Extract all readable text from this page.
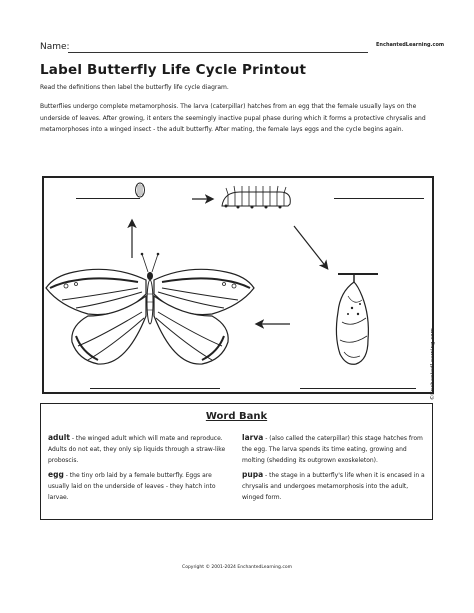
Name:	EnchantedLearning.com
Label Butterfly Life Cycle Printout
Read the definitions then label the butterfly life cycle diagram.
Butterflies undergo complete metamorphosis. The larva (caterpillar) hatches from an egg that the female usually lays on the underside of leaves. After growing, it enters the seemingly inactive pupal phase during which it forms a protective chrysalis and metamorphoses into a winged insect - the adult butterfly. After mating, the female lays eggs and the cycle begins again.
©EnchantedLearning.com
Word Bank
adult - the winged adult which will mate and reproduce. Adults do not eat, they only sip liquids through a straw-like proboscis.
egg - the tiny orb laid by a female butterfly. Eggs are usually laid on the underside of leaves - they hatch into larvae.
larva - (also called the caterpillar) this stage hatches from the egg. The larva spends its time eating, growing and molting (shedding its outgrown exoskeleton).
pupa - the stage in a butterfly's life when it is encased in a chrysalis and undergoes metamorphosis into the adult, winged form.
Copyright © 2001-2024 EnchantedLearning.com
